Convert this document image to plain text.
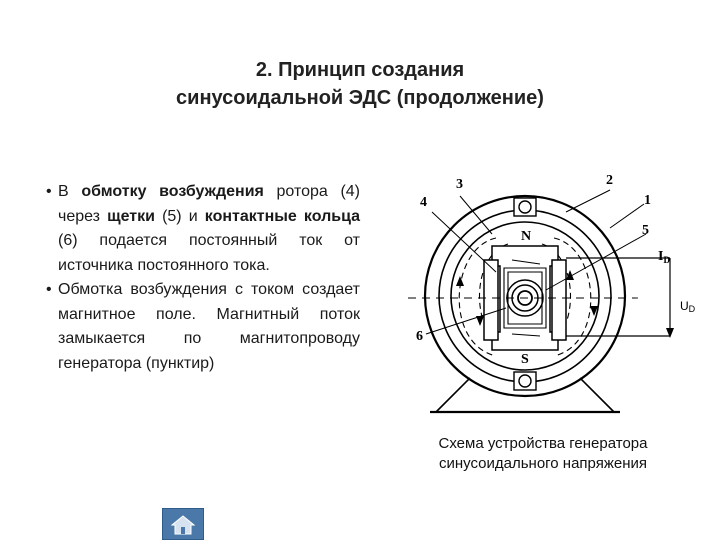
2. Принцип создания
синусоидальной ЭДС (продолжение)
• В обмотку возбуждения ротора (4) через щетки (5) и контактные кольца (6) подается постоянный ток от источника постоянного тока.
• Обмотка возбуждения с током создает магнитное поле. Магнитный поток замыкается по магнитопроводу генератора (пунктир)
N
S
3
4
2
1
5
6
$I_D$
UD
Схема устройства генератора
синусоидального напряжения
